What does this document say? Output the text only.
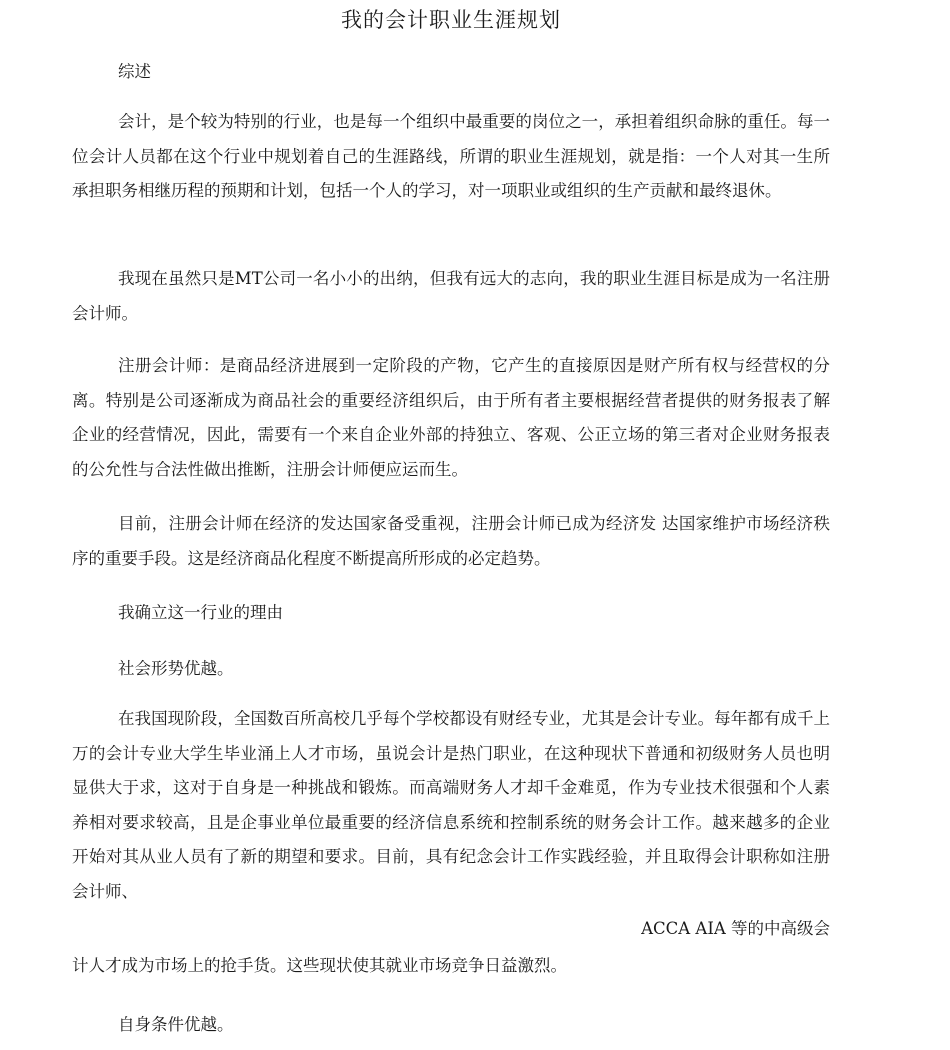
我的会计职业生涯规划

综述

会计，是个较为特别的行业，也是每一个组织中最重要的岗位之一，承担着组织命脉的重任。每一位会计人员都在这个行业中规划着自己的生涯路线，所谓的职业生涯规划，就是指：一个人对其一生所承担职务相继历程的预期和计划，包括一个人的学习，对一项职业或组织的生产贡献和最终退休。

我现在虽然只是MT公司一名小小的出纳，但我有远大的志向，我的职业生涯目标是成为一名注册会计师。

注册会计师：是商品经济进展到一定阶段的产物，它产生的直接原因是财产所有权与经营权的分离。特别是公司逐渐成为商品社会的重要经济组织后，由于所有者主要根据经营者提供的财务报表了解企业的经营情况，因此，需要有一个来自企业外部的持独立、客观、公正立场的第三者对企业财务报表的公允性与合法性做出推断，注册会计师便应运而生。

目前，注册会计师在经济的发达国家备受重视，注册会计师已成为经济发 达国家维护市场经济秩序的重要手段。这是经济商品化程度不断提高所形成的必定趋势。

我确立这一行业的理由

社会形势优越。

在我国现阶段，全国数百所高校几乎每个学校都设有财经专业，尤其是会计专业。每年都有成千上万的会计专业大学生毕业涌上人才市场，虽说会计是热门职业，在这种现状下普通和初级财务人员也明显供大于求，这对于自身是一种挑战和锻炼。而高端财务人才却千金难觅，作为专业技术很强和个人素养相对要求较高，且是企事业单位最重要的经济信息系统和控制系统的财务会计工作。越来越多的企业开始对其从业人员有了新的期望和要求。目前，具有纪念会计工作实践经验，并且取得会计职称如注册会计师、

ACCA AIA 等的中高级会

计人才成为市场上的抢手货。这些现状使其就业市场竞争日益激烈。

自身条件优越。
